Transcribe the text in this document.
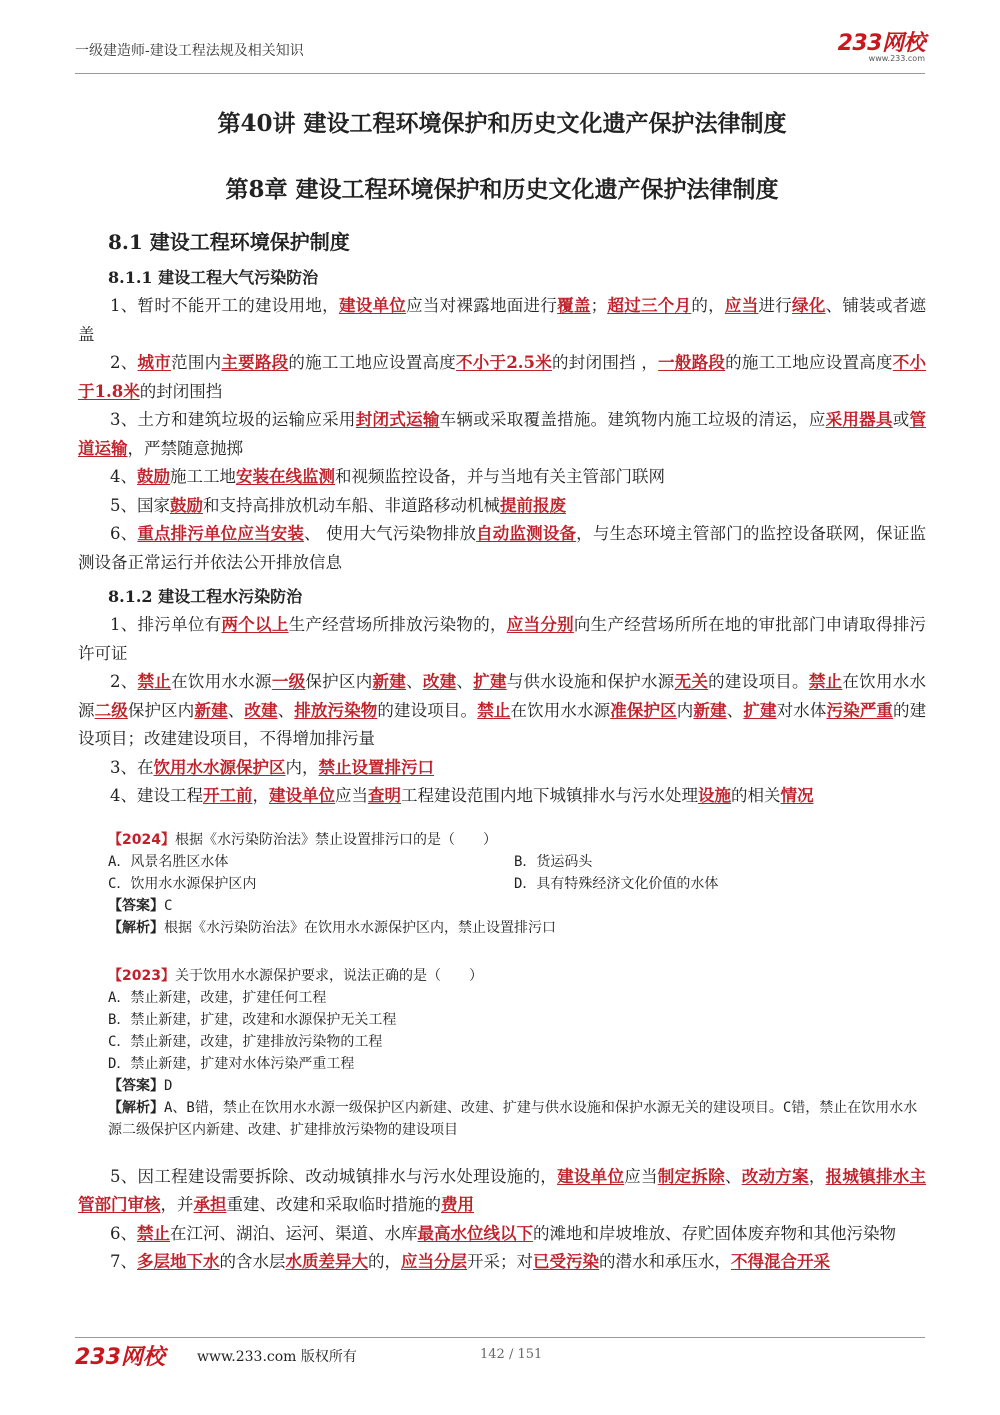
一级建造师-建设工程法规及相关知识	233网校
www.233.com
第40讲 建设工程环境保护和历史文化遗产保护法律制度
第8章 建设工程环境保护和历史文化遗产保护法律制度
8.1 建设工程环境保护制度
8.1.1 建设工程大气污染防治

1、暂时不能开工的建设用地，建设单位应当对裸露地面进行覆盖；超过三个月的，应当进行绿化、铺装或者遮盖

2、城市范围内主要路段的施工工地应设置高度不小于2.5米的封闭围挡 ，一般路段的施工工地应设置高度不小于1.8米的封闭围挡

3、土方和建筑垃圾的运输应采用封闭式运输车辆或采取覆盖措施。建筑物内施工垃圾的清运，应采用器具或管道运输，严禁随意抛掷

4、鼓励施工工地安装在线监测和视频监控设备，并与当地有关主管部门联网

5、国家鼓励和支持高排放机动车船、非道路移动机械提前报废

6、重点排污单位应当安装、 使用大气污染物排放自动监测设备，与生态环境主管部门的监控设备联网，保证监测设备正常运行并依法公开排放信息

8.1.2 建设工程水污染防治

1、排污单位有两个以上生产经营场所排放污染物的，应当分别向生产经营场所所在地的审批部门申请取得排污许可证

2、禁止在饮用水水源一级保护区内新建、改建、扩建与供水设施和保护水源无关的建设项目。禁止在饮用水水源二级保护区内新建、改建、排放污染物的建设项目。禁止在饮用水水源准保护区内新建、扩建对水体污染严重的建设项目；改建建设项目，不得增加排污量

3、在饮用水水源保护区内，禁止设置排污口

4、建设工程开工前，建设单位应当查明工程建设范围内地下城镇排水与污水处理设施的相关情况

【2024】根据《水污染防治法》禁止设置排污口的是（　　）
A．风景名胜区水体	B．货运码头
C．饮用水水源保护区内	D．具有特殊经济文化价值的水体
【答案】C
【解析】根据《水污染防治法》在饮用水水源保护区内，禁止设置排污口
【2023】关于饮用水水源保护要求，说法正确的是（　　）
A．禁止新建，改建，扩建任何工程
B．禁止新建，扩建，改建和水源保护无关工程
C．禁止新建，改建，扩建排放污染物的工程
D．禁止新建，扩建对水体污染严重工程
【答案】D
【解析】A、B错，禁止在饮用水水源一级保护区内新建、改建、扩建与供水设施和保护水源无关的建设项目。C错，禁止在饮用水水源二级保护区内新建、改建、扩建排放污染物的建设项目

5、因工程建设需要拆除、改动城镇排水与污水处理设施的，建设单位应当制定拆除、改动方案，报城镇排水主管部门审核，并承担重建、改建和采取临时措施的费用

6、禁止在江河、湖泊、运河、渠道、水库最高水位线以下的滩地和岸坡堆放、存贮固体废弃物和其他污染物

7、多层地下水的含水层水质差异大的，应当分层开采；对已受污染的潜水和承压水，不得混合开采

233网校 www.233.com 版权所有	142 / 151
